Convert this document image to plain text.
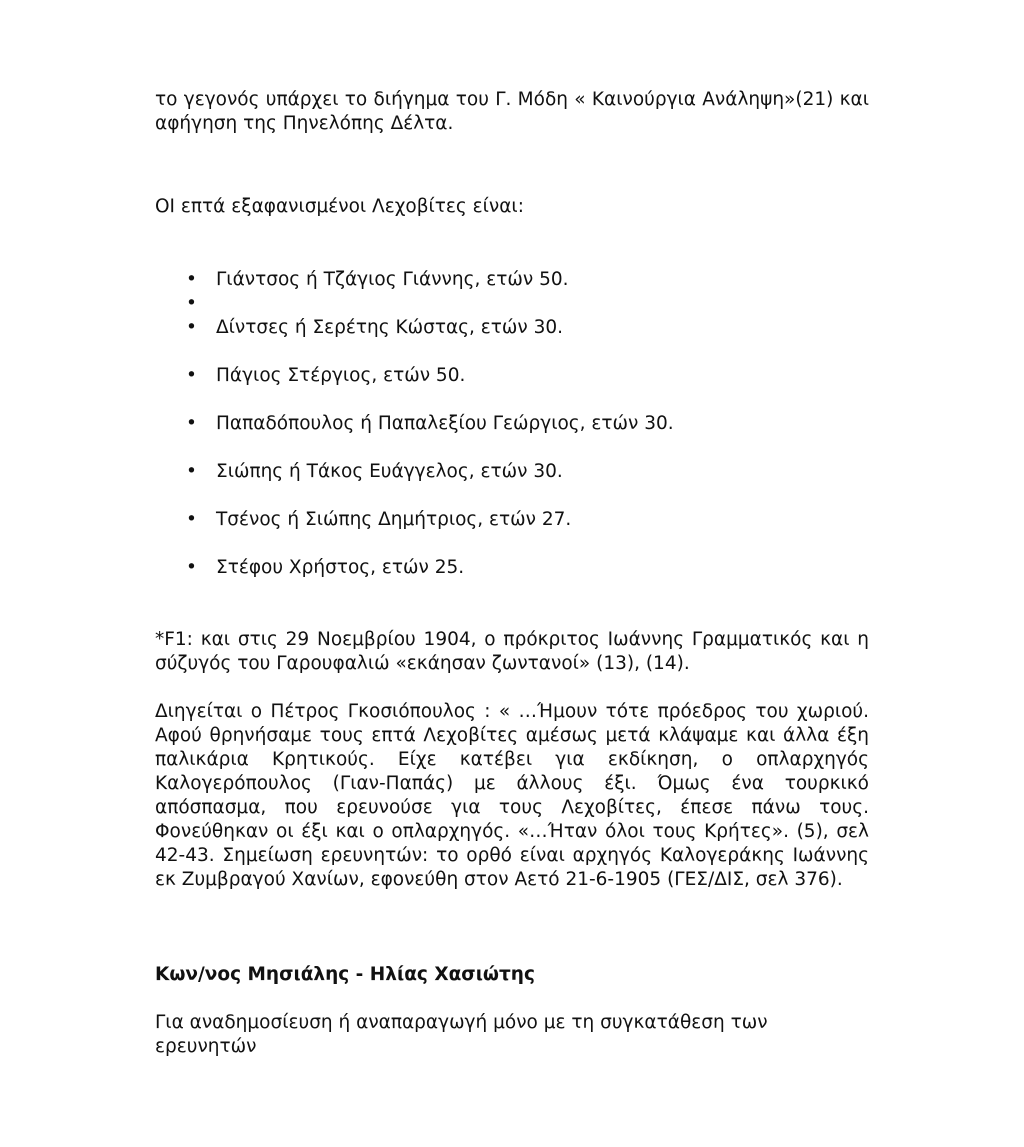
το γεγονός υπάρχει το διήγημα του Γ. Μόδη « Καινούργια Ανάληψη»(21) και αφήγηση της Πηνελόπης Δέλτα.

ΟΙ επτά εξαφανισμένοι Λεχοβίτες είναι:

• Γιάντσος ή Τζάγιος Γιάννης, ετών 50.
•
• Δίντσες ή Σερέτης Κώστας, ετών 30.
• Πάγιος Στέργιος, ετών 50.
• Παπαδόπουλος ή Παπαλεξίου Γεώργιος, ετών 30.
• Σιώπης ή Τάκος Ευάγγελος, ετών 30.
• Τσένος ή Σιώπης Δημήτριος, ετών 27.
• Στέφου Χρήστος, ετών 25.

*F1: και στις 29 Νοεμβρίου 1904, ο πρόκριτος Ιωάννης Γραμματικός και η σύζυγός του Γαρουφαλιώ «εκάησαν ζωντανοί» (13), (14).

Διηγείται ο Πέτρος Γκοσιόπουλος : « …Ήμουν τότε πρόεδρος του χωριού. Αφού θρηνήσαμε τους επτά Λεχοβίτες αμέσως μετά κλάψαμε και άλλα έξη παλικάρια Κρητικούς. Είχε κατέβει για εκδίκηση, ο οπλαρχηγός Καλογερόπουλος (Γιαν-Παπάς) με άλλους έξι. Όμως ένα τουρκικό απόσπασμα, που ερευνούσε για τους Λεχοβίτες, έπεσε πάνω τους. Φονεύθηκαν οι έξι και ο οπλαρχηγός. «…Ήταν όλοι τους Κρήτες». (5), σελ 42-43. Σημείωση ερευνητών: το ορθό είναι αρχηγός Καλογεράκης Ιωάννης εκ Ζυμβραγού Χανίων, εφονεύθη στον Αετό 21-6-1905 (ΓΕΣ/ΔΙΣ, σελ 376).

Κων/νος Μησιάλης - Ηλίας Χασιώτης

Για αναδημοσίευση ή αναπαραγωγή μόνο με τη συγκατάθεση των ερευνητών
